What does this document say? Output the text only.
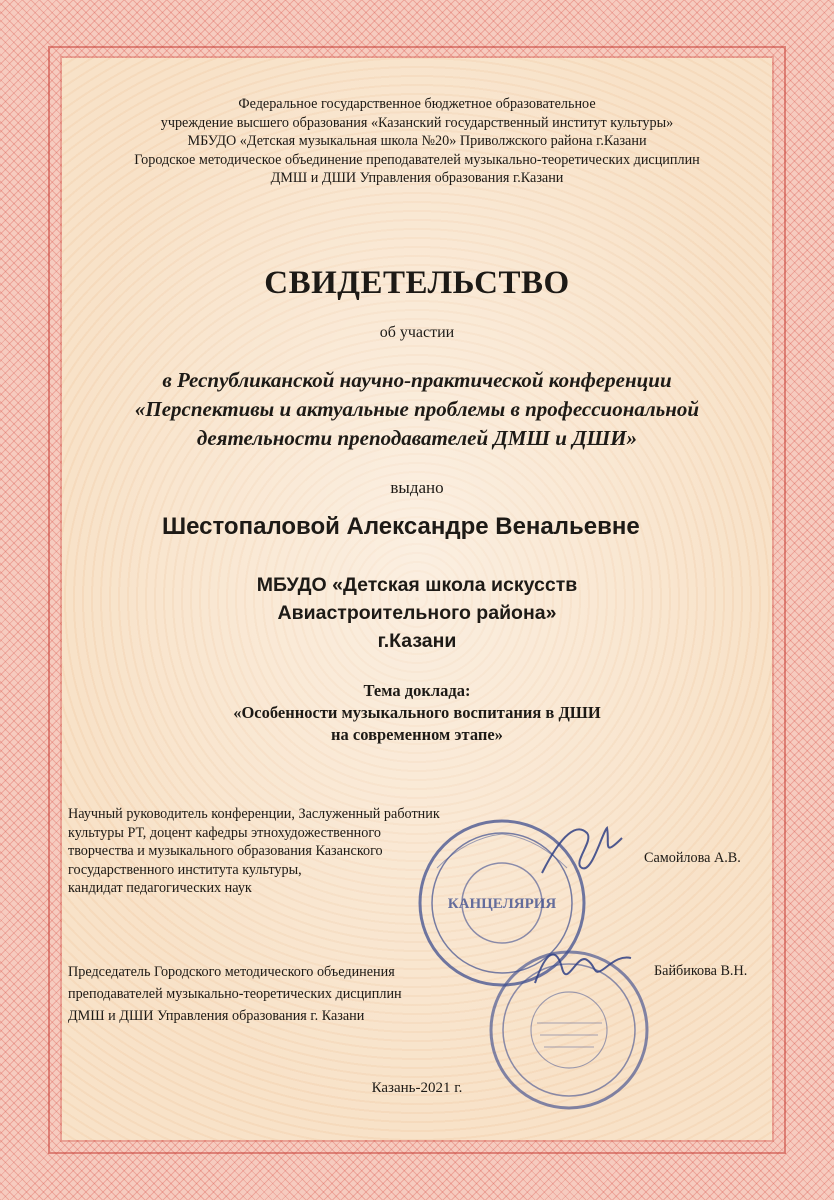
Федеральное государственное бюджетное образовательное
учреждение высшего образования «Казанский государственный институт культуры»
МБУДО «Детская музыкальная школа №20» Приволжского района г.Казани
Городское методическое объединение преподавателей музыкально-теоретических дисциплин
ДМШ и ДШИ Управления образования г.Казани
СВИДЕТЕЛЬСТВО
об участии
в Республиканской научно-практической конференции
«Перспективы и актуальные проблемы в профессиональной
деятельности преподавателей ДМШ и ДШИ»
выдано
Шестопаловой Александре Венальевне
МБУДО «Детская школа искусств
Авиастроительного района»
г.Казани
Тема доклада:
«Особенности музыкального воспитания в ДШИ
на современном этапе»
КАНЦЕЛЯРИЯ
Научный руководитель конференции, Заслуженный работник
культуры РТ, доцент кафедры этнохудожественного
творчества и музыкального образования Казанского
государственного института культуры,
кандидат педагогических наук
Самойлова А.В.
Председатель Городского методического объединения
преподавателей музыкально-теоретических дисциплин
ДМШ и ДШИ Управления образования г. Казани
Байбикова В.Н.
Казань-2021 г.
